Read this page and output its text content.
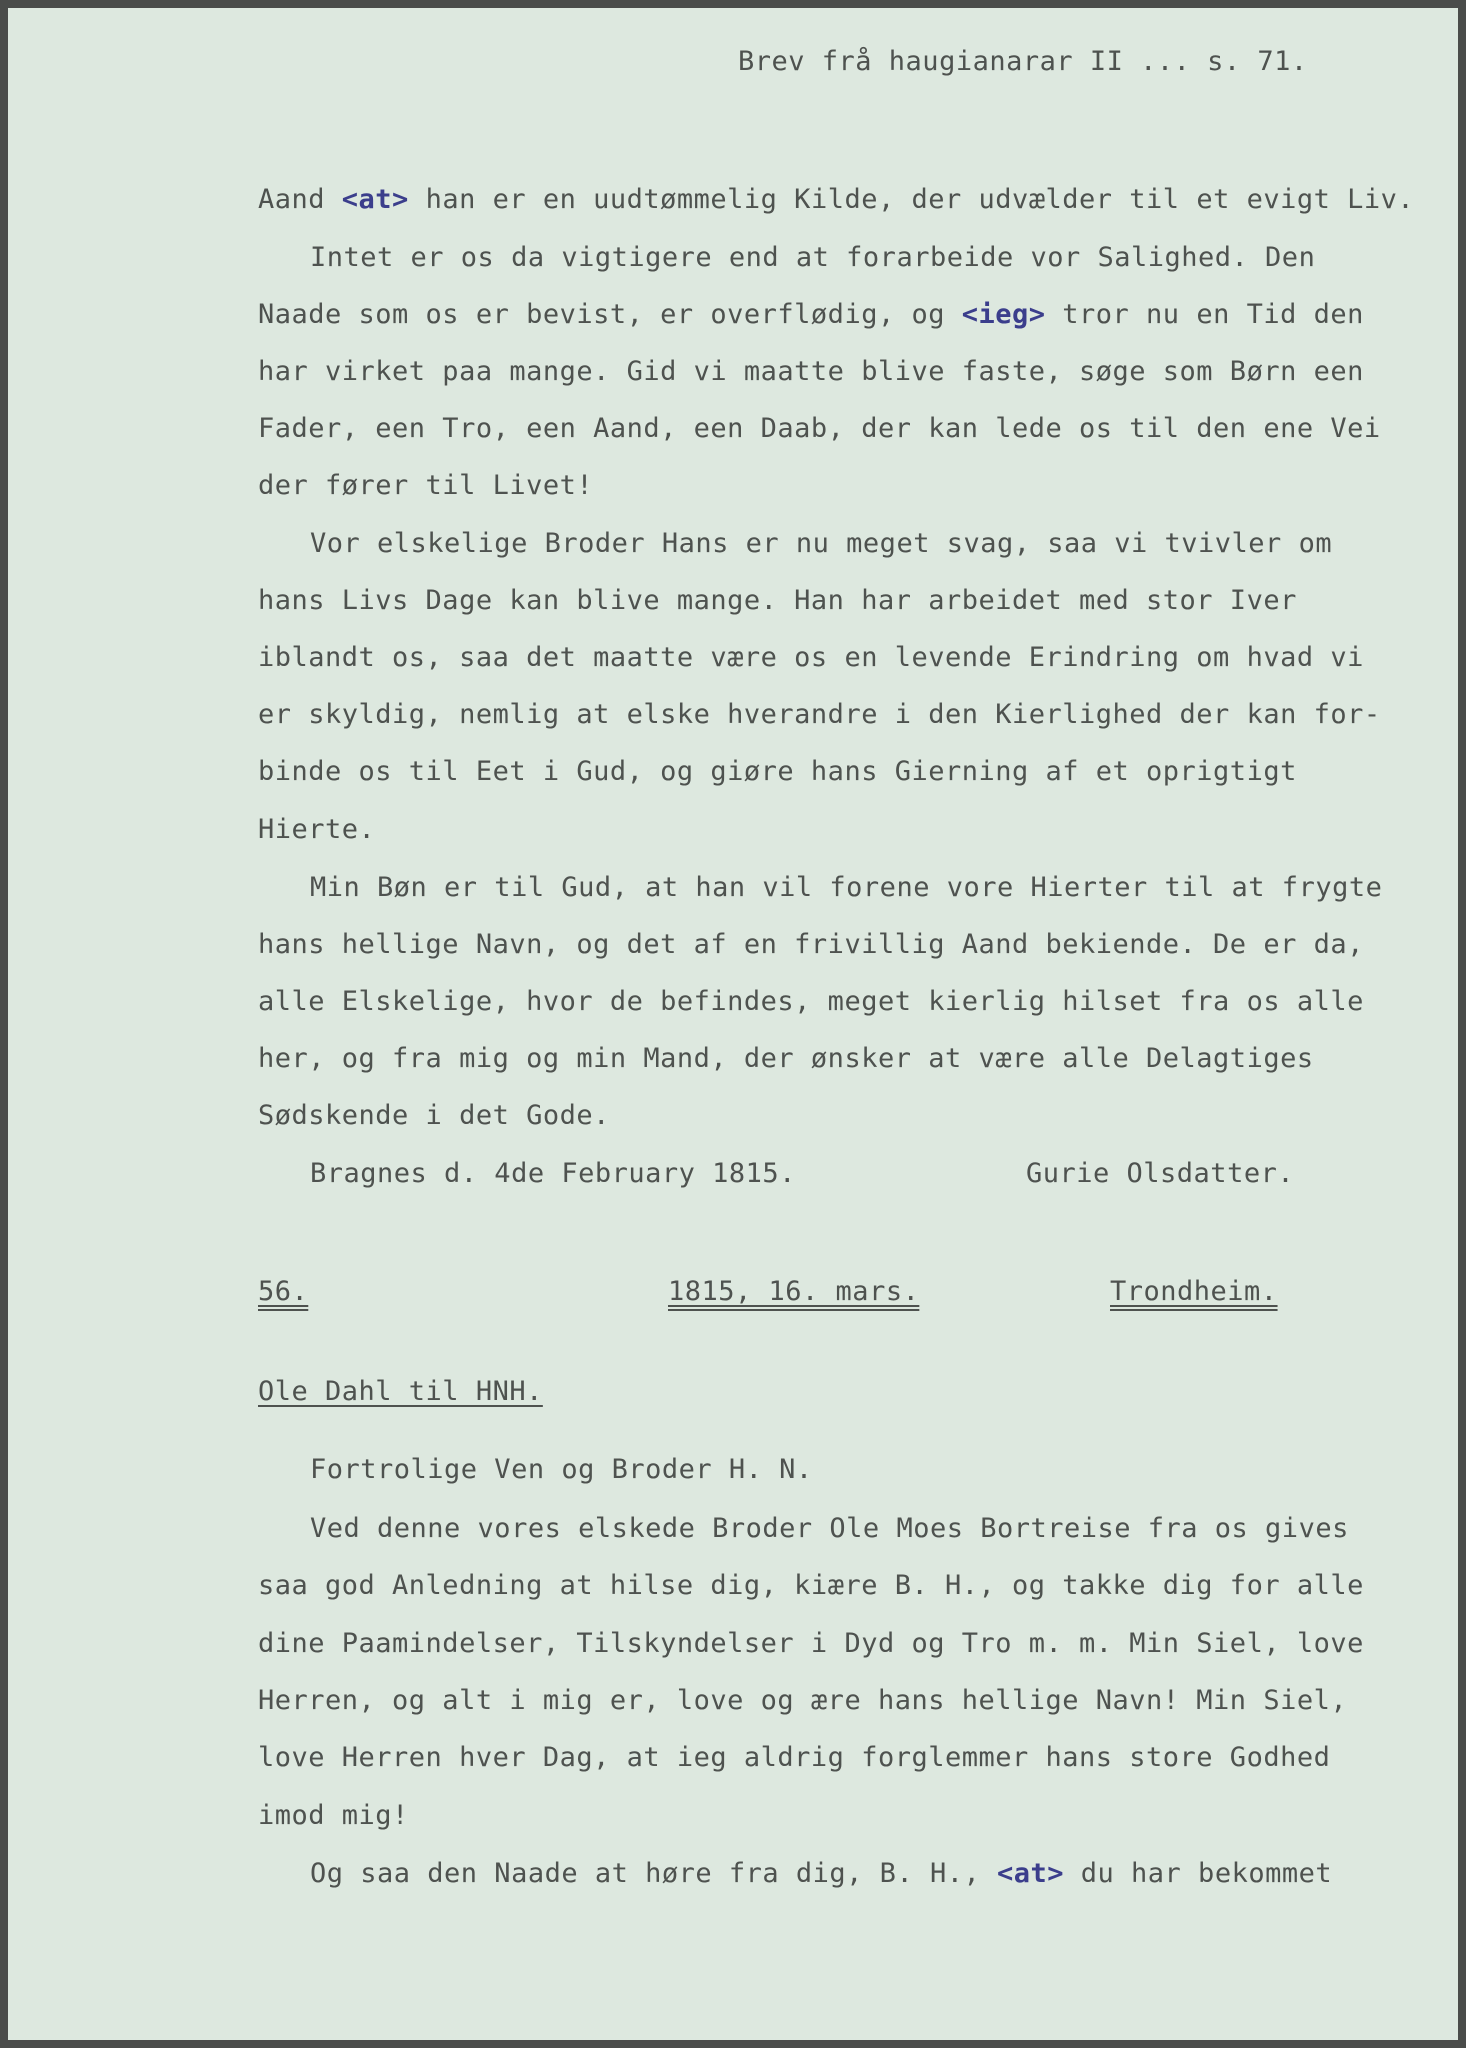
Brev frå haugianarar II ... s. 71.

Aand <at> han er en uudtømmelig Kilde, der udvælder til et evigt Liv.

Intet er os da vigtigere end at forarbeide vor Salighed. Den

Naade som os er bevist, er overflødig, og <ieg> tror nu en Tid den

har virket paa mange. Gid vi maatte blive faste, søge som Børn een

Fader, een Tro, een Aand, een Daab, der kan lede os til den ene Vei

der fører til Livet!

Vor elskelige Broder Hans er nu meget svag, saa vi tvivler om

hans Livs Dage kan blive mange. Han har arbeidet med stor Iver

iblandt os, saa det maatte være os en levende Erindring om hvad vi

er skyldig, nemlig at elske hverandre i den Kierlighed der kan for-

binde os til Eet i Gud, og giøre hans Gierning af et oprigtigt

Hierte.

Min Bøn er til Gud, at han vil forene vore Hierter til at frygte

hans hellige Navn, og det af en frivillig Aand bekiende. De er da,

alle Elskelige, hvor de befindes, meget kierlig hilset fra os alle

her, og fra mig og min Mand, der ønsker at være alle Delagtiges

Sødskende i det Gode.

Bragnes d. 4de February 1815.	Gurie Olsdatter.

56.	1815, 16. mars.	Trondheim.

Ole Dahl til HNH.

Fortrolige Ven og Broder H. N.

Ved denne vores elskede Broder Ole Moes Bortreise fra os gives

saa god Anledning at hilse dig, kiære B. H., og takke dig for alle

dine Paamindelser, Tilskyndelser i Dyd og Tro m. m. Min Siel, love

Herren, og alt i mig er, love og ære hans hellige Navn! Min Siel,

love Herren hver Dag, at ieg aldrig forglemmer hans store Godhed

imod mig!

Og saa den Naade at høre fra dig, B. H., <at> du har bekommet
